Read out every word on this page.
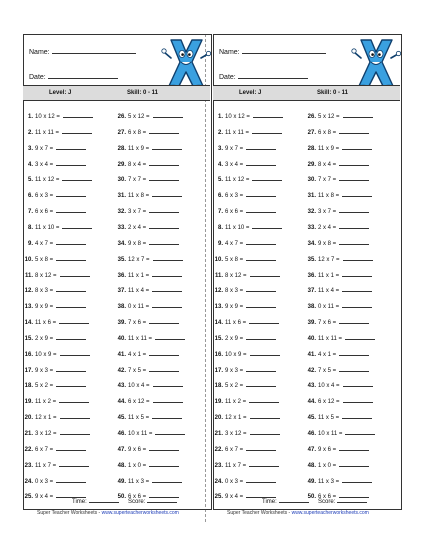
Name:
Date:
Level: J	Skill: 0 - 11
1. 10 x 12 =
2. 11 x 11 =
3. 9 x 7 =
4. 3 x 4 =
5. 11 x 12 =
6. 6 x 3 =
7. 6 x 6 =
8. 11 x 10 =
9. 4 x 7 =
10. 5 x 8 =
11. 8 x 12 =
12. 8 x 3 =
13. 9 x 9 =
14. 11 x 6 =
15. 2 x 9 =
16. 10 x 9 =
17. 9 x 3 =
18. 5 x 2 =
19. 11 x 2 =
20. 12 x 1 =
21. 3 x 12 =
22. 6 x 7 =
23. 11 x 7 =
24. 0 x 3 =
25. 9 x 4 =
26. 5 x 12 =
27. 6 x 8 =
28. 11 x 9 =
29. 8 x 4 =
30. 7 x 7 =
31. 11 x 8 =
32. 3 x 7 =
33. 2 x 4 =
34. 9 x 8 =
35. 12 x 7 =
36. 11 x 1 =
37. 11 x 4 =
38. 0 x 11 =
39. 7 x 6 =
40. 11 x 11 =
41. 4 x 1 =
42. 7 x 5 =
43. 10 x 4 =
44. 6 x 12 =
45. 11 x 5 =
46. 10 x 11 =
47. 9 x 6 =
48. 1 x 0 =
49. 11 x 3 =
50. 6 x 6 =
Time:	Score:
Super Teacher Worksheets - www.superteacherworksheets.com
Name:
Date:
Level: J	Skill: 0 - 11
1. 10 x 12 =
2. 11 x 11 =
3. 9 x 7 =
4. 3 x 4 =
5. 11 x 12 =
6. 6 x 3 =
7. 6 x 6 =
8. 11 x 10 =
9. 4 x 7 =
10. 5 x 8 =
11. 8 x 12 =
12. 8 x 3 =
13. 9 x 9 =
14. 11 x 6 =
15. 2 x 9 =
16. 10 x 9 =
17. 9 x 3 =
18. 5 x 2 =
19. 11 x 2 =
20. 12 x 1 =
21. 3 x 12 =
22. 6 x 7 =
23. 11 x 7 =
24. 0 x 3 =
25. 9 x 4 =
26. 5 x 12 =
27. 6 x 8 =
28. 11 x 9 =
29. 8 x 4 =
30. 7 x 7 =
31. 11 x 8 =
32. 3 x 7 =
33. 2 x 4 =
34. 9 x 8 =
35. 12 x 7 =
36. 11 x 1 =
37. 11 x 4 =
38. 0 x 11 =
39. 7 x 6 =
40. 11 x 11 =
41. 4 x 1 =
42. 7 x 5 =
43. 10 x 4 =
44. 6 x 12 =
45. 11 x 5 =
46. 10 x 11 =
47. 9 x 6 =
48. 1 x 0 =
49. 11 x 3 =
50. 6 x 6 =
Time:	Score:
Super Teacher Worksheets - www.superteacherworksheets.com
